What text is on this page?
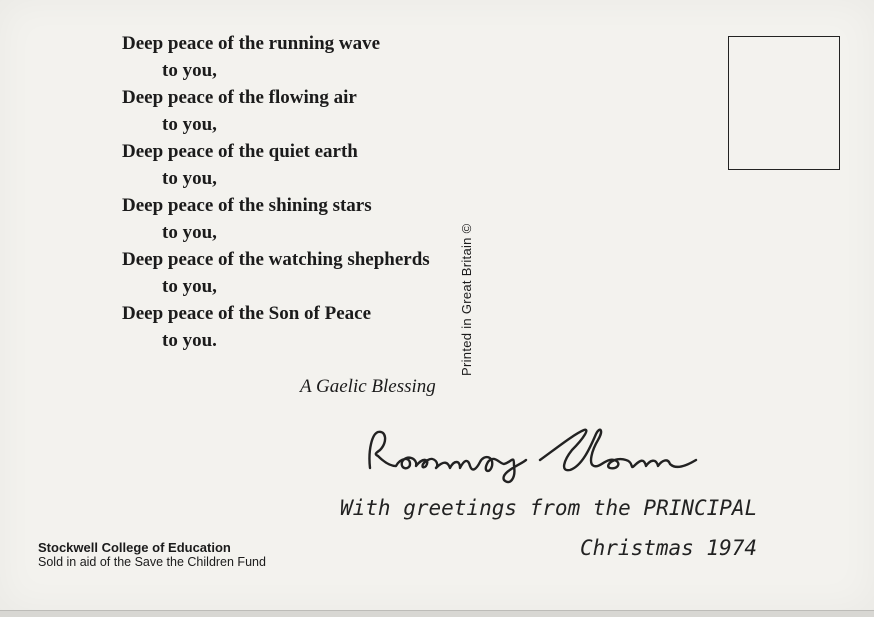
Deep peace of the running wave
to you,
Deep peace of the flowing air
to you,
Deep peace of the quiet earth
to you,
Deep peace of the shining stars
to you,
Deep peace of the watching shepherds
to you,
Deep peace of the Son of Peace
to you.
A Gaelic Blessing
Printed in Great Britain ©
With greetings from the PRINCIPAL
Christmas 1974
Stockwell College of Education
Sold in aid of the Save the Children Fund
